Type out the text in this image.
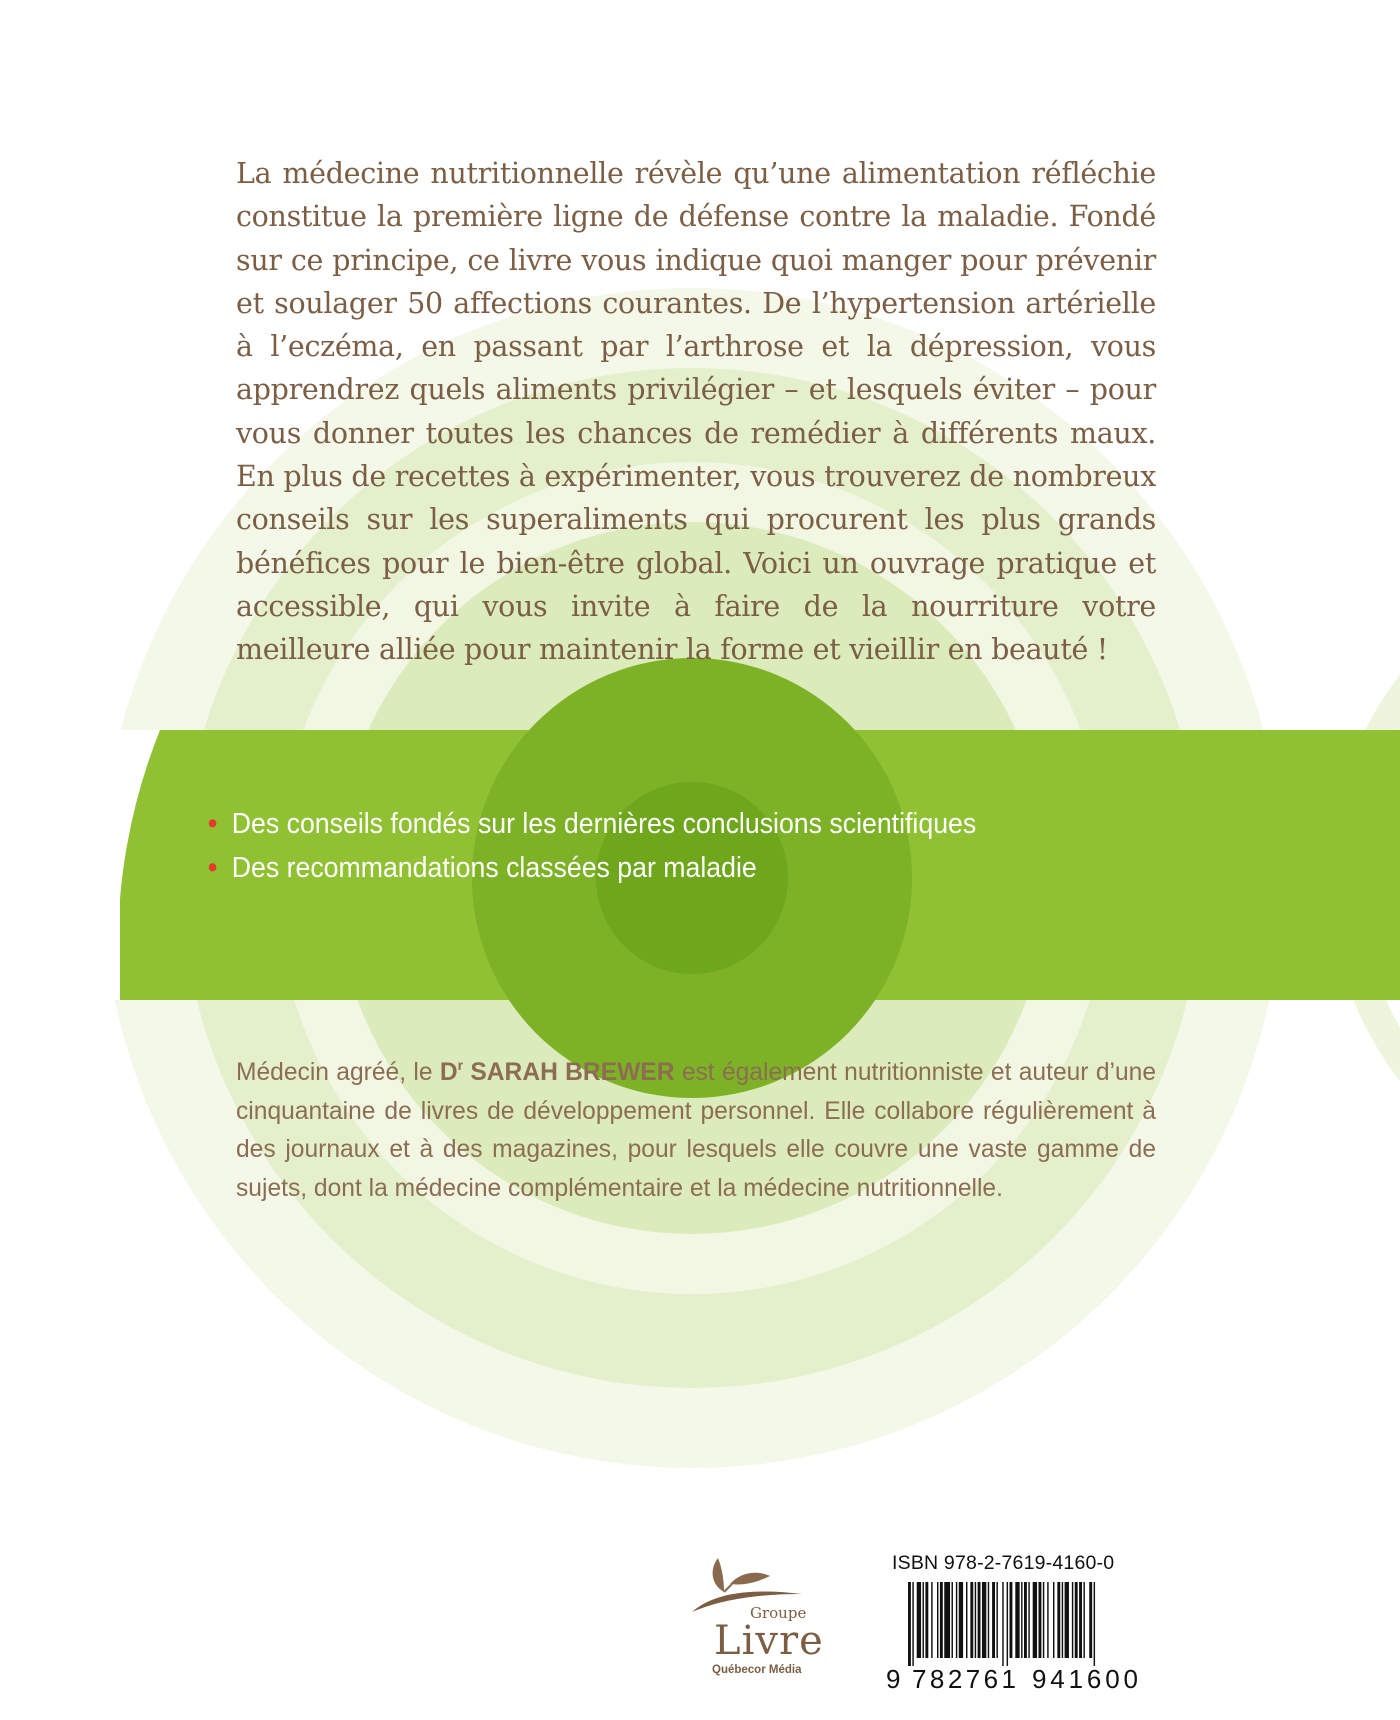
La médecine nutritionnelle révèle qu’une alimentation réfléchie constitue la première ligne de défense contre la maladie. Fondé sur ce principe, ce livre vous indique quoi manger pour prévenir et soulager 50 affections courantes. De l’hypertension artérielle à l’eczéma, en passant par l’arthrose et la dépression, vous apprendrez quels aliments privilégier – et lesquels éviter – pour vous donner toutes les chances de remédier à différents maux. En plus de recettes à expérimenter, vous trouverez de nombreux conseils sur les superaliments qui procurent les plus grands bénéfices pour le bien-être global. Voici un ouvrage pratique et accessible, qui vous invite à faire de la nourriture votre meilleure alliée pour maintenir la forme et vieillir en beauté !

• Des conseils fondés sur les dernières conclusions scientifiques
• Des recommandations classées par maladie

Médecin agréé, le $D^r$ SARAH BREWER est également nutritionniste et auteur d’une cinquantaine de livres de développement personnel. Elle collabore régulièrement à des journaux et à des magazines, pour lesquels elle couvre une vaste gamme de sujets, dont la médecine complémentaire et la médecine nutritionnelle.

Groupe
Livre
Québecor Média
ISBN 978-2-7619-4160-0
9 782761 941600
